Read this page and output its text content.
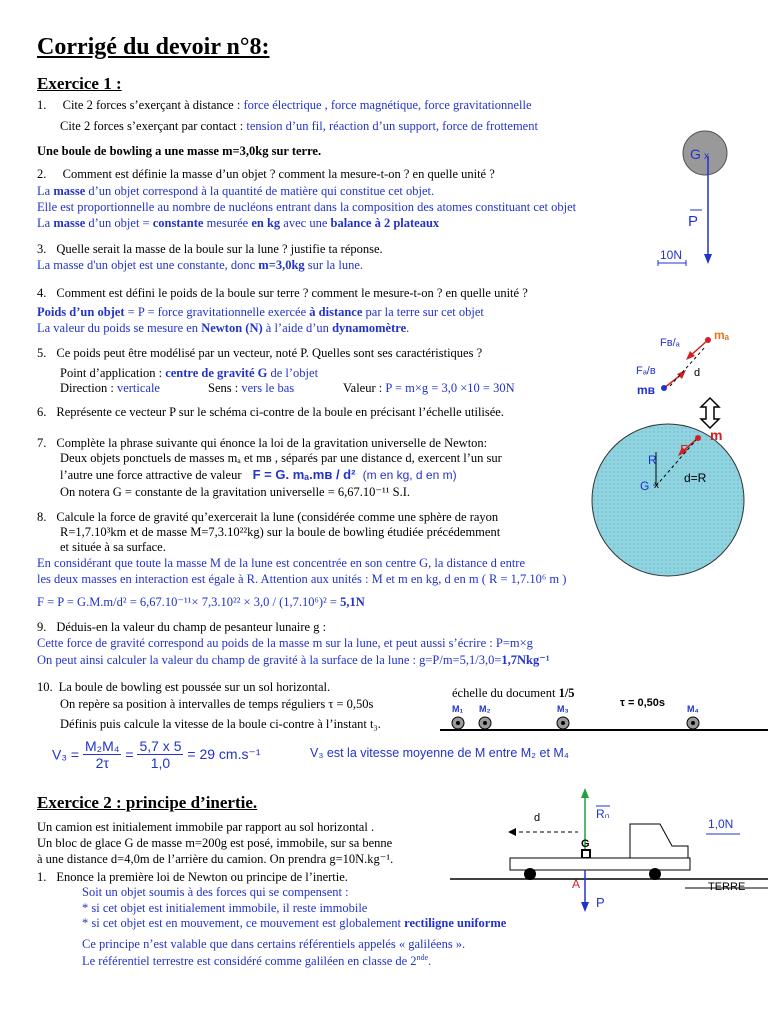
Corrigé du devoir n°8:
Exercice 1 :
1. Cite 2 forces s’exerçant à distance : force électrique , force magnétique, force gravitationnelle
Cite 2 forces s’exerçant par contact : tension d’un fil, réaction d’un support, force de frottement
Une boule de bowling a une masse m=3,0kg sur terre.
2. Comment est définie la masse d’un objet ? comment la mesure-t-on ? en quelle unité ?
La masse d’un objet correspond à la quantité de matière qui constitue cet objet.
Elle est proportionnelle au nombre de nucléons entrant dans la composition des atomes constituant cet objet
La masse d’un objet = constante mesurée en kg avec une balance à 2 plateaux
3. Quelle serait la masse de la boule sur la lune ? justifie ta réponse.
La masse d'un objet est une constante, donc m=3,0kg sur la lune.
4. Comment est défini le poids de la boule sur terre ? comment le mesure-t-on ? en quelle unité ?
Poids d’un objet = P = force gravitationnelle exercée à distance par la terre sur cet objet
La valeur du poids se mesure en Newton (N) à l’aide d’un dynamomètre.
5. Ce poids peut être modélisé par un vecteur, noté P. Quelles sont ses caractéristiques ?
Point d’application : centre de gravité G de l’objet
Direction : verticale	Sens : vers le bas	Valeur : P = m×g = 3,0 ×10 = 30N
6. Représente ce vecteur P sur le schéma ci-contre de la boule en précisant l’échelle utilisée.
7. Complète la phrase suivante qui énonce la loi de la gravitation universelle de Newton:
Deux objets ponctuels de masses mₐ et mʙ , séparés par une distance d, exercent l’un sur
l’autre une force attractive de valeur F = G. mₐ.mʙ / d² (m en kg, d en m)
On notera G = constante de la gravitation universelle = 6,67.10⁻¹¹ S.I.
8. Calcule la force de gravité qu’exercerait la lune (considérée comme une sphère de rayon
R=1,7.10³km et de masse M=7,3.10²²kg) sur la boule de bowling étudiée précédemment
et située à sa surface.
En considérant que toute la masse M de la lune est concentrée en son centre G, la distance d entre
les deux masses en interaction est égale à R. Attention aux unités : M et m en kg, d en m ( R = 1,7.10⁶ m )
F = P = G.M.m/d² = 6,67.10⁻¹¹× 7,3.10²² × 3,0 / (1,7.10⁶)² = 5,1N
9. Déduis-en la valeur du champ de pesanteur lunaire g :
Cette force de gravité correspond au poids de la masse m sur la lune, et peut aussi s’écrire : P=m×g
On peut ainsi calculer la valeur du champ de gravité à la surface de la lune : g=P/m=5,1/3,0=1,7Nkg⁻¹
10. La boule de bowling est poussée sur un sol horizontal.
On repère sa position à intervalles de temps réguliers τ = 0,50s
Définis puis calcule la vitesse de la boule ci-contre à l’instant t₃.
$V_3 = \frac{\text{M₂M₄}}{2\tau} = \frac{5,7 x 5}{1,0} = 29$ cm.s⁻¹	V₃ est la vitesse moyenne de M entre M₂ et M₄
échelle du document 1/5
τ = 0,50s
M₁ M₂	M₃	M₄
G x
P
10N
mₐ
Fʙ/ₐ
Fₐ/ʙ
mʙ
d
m
F
R
G x
d=R
Exercice 2 : principe d’inertie.
Un camion est initialement immobile par rapport au sol horizontal .
Un bloc de glace G de masse m=200g est posé, immobile, sur sa benne
à une distance d=4,0m de l’arrière du camion. On prendra g=10N.kg⁻¹.
1. Enonce la première loi de Newton ou principe de l’inertie.
Soit un objet soumis à des forces qui se compensent :
* si cet objet est initialement immobile, il reste immobile
* si cet objet est en mouvement, ce mouvement est globalement rectiligne uniforme
Ce principe n’est valable que dans certains référentiels appelés « galiléens ».
Le référentiel terrestre est considéré comme galiléen en classe de 2nde.
Rₙ
d
G
A
P
1,0N
TERRE
